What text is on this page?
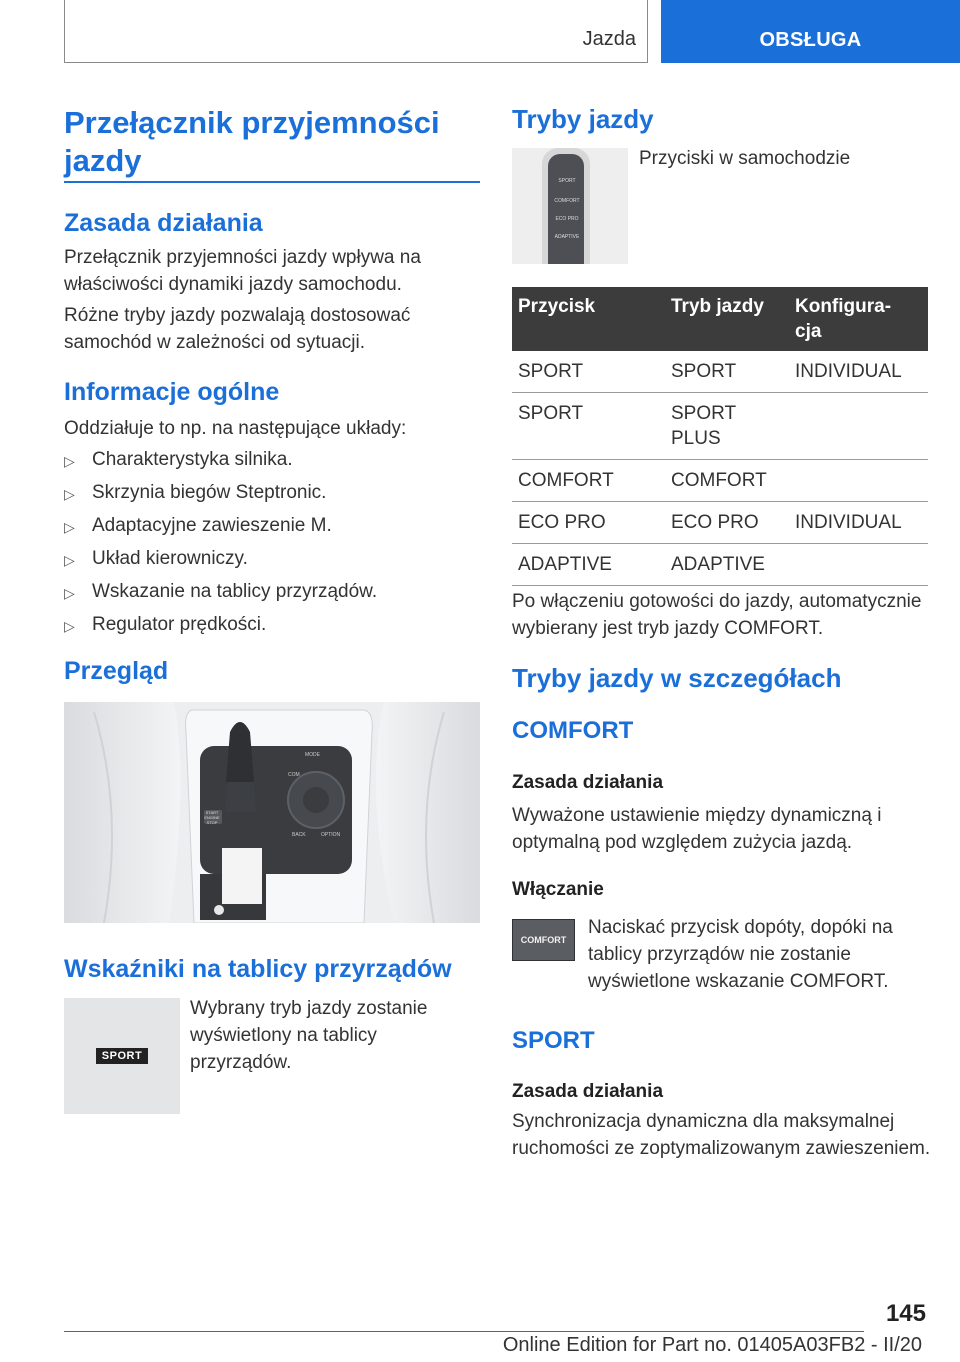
Jazda	OBSŁUGA
Przełącznik przyjemności jazdy
Zasada działania
Przełącznik przyjemności jazdy wpływa na właściwości dynamiki jazdy samochodu.
Różne tryby jazdy pozwalają dostosować samochód w zależności od sytuacji.
Informacje ogólne
Oddziałuje to np. na następujące układy:
▷ Charakterystyka silnika.
▷ Skrzynia biegów Steptronic.
▷ Adaptacyjne zawieszenie M.
▷ Układ kierowniczy.
▷ Wskazanie na tablicy przyrządów.
▷ Regulator prędkości.
Przegląd
START
ENGINE
STOP
MODE
COM
BACK	OPTION
Wskaźniki na tablicy przyrządów
SPORT
Wybrany tryb jazdy zostanie wyświetlony na tablicy przyrządów.
Tryby jazdy
SPORT
COMFORT
ECO PRO
ADAPTIVE
Przyciski w samochodzie
Przycisk	Tryb jazdy	Konfigura-
cja
SPORT	SPORT	INDIVIDUAL
SPORT	SPORT
PLUS	
COMFORT	COMFORT	
ECO PRO	ECO PRO	INDIVIDUAL
ADAPTIVE	ADAPTIVE	
Po włączeniu gotowości do jazdy, automatycznie wybierany jest tryb jazdy COMFORT.
Tryby jazdy w szczegółach
COMFORT
Zasada działania
Wyważone ustawienie między dynamiczną i optymalną pod względem zużycia jazdą.
Włączanie
COMFORT
Naciskać przycisk dopóty, dopóki na tablicy przyrządów nie zostanie wyświetlone wskazanie COMFORT.
SPORT
Zasada działania
Synchronizacja dynamiczna dla maksymalnej ruchomości ze zoptymalizowanym zawieszeniem.
145
Online Edition for Part no. 01405A03FB2 - II/20
